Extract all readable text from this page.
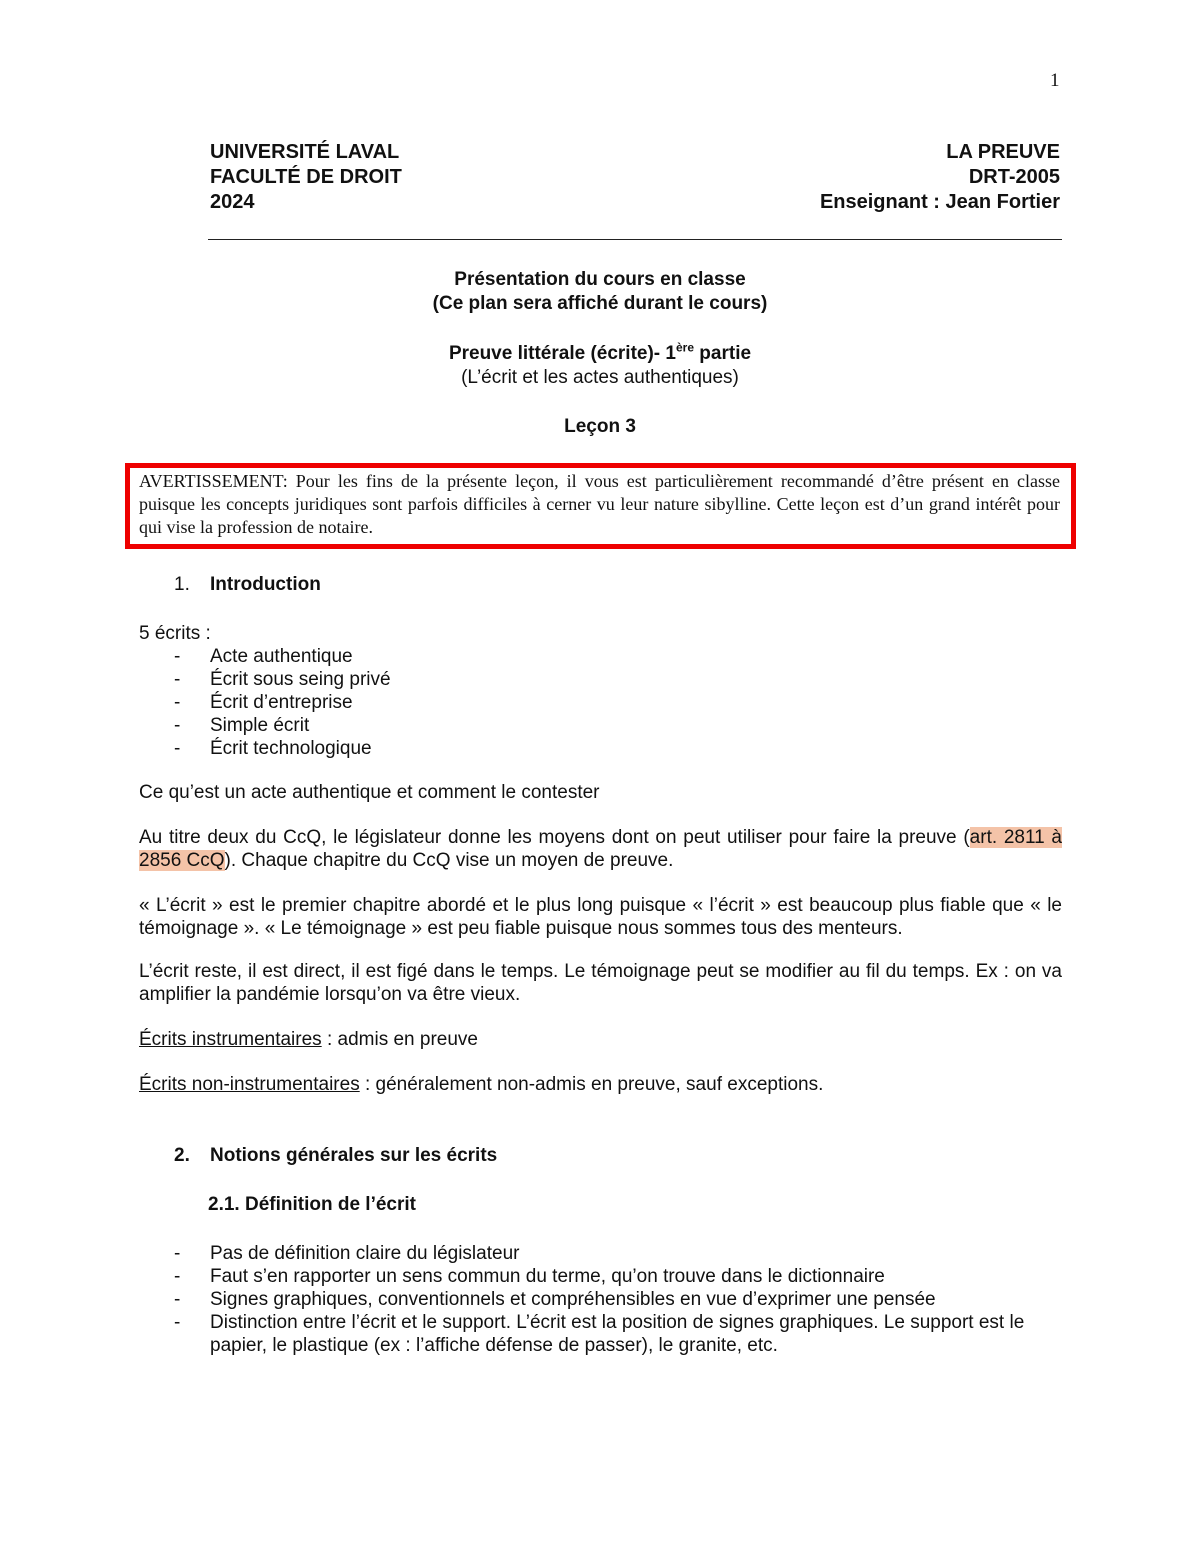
1
UNIVERSITÉ LAVAL
FACULTÉ DE DROIT
2024
LA PREUVE
DRT-2005
Enseignant : Jean Fortier
Présentation du cours en classe
(Ce plan sera affiché durant le cours)
Preuve littérale (écrite)- 1ère partie
(L’écrit et les actes authentiques)
Leçon 3
AVERTISSEMENT: Pour les fins de la présente leçon, il vous est particulièrement recommandé d’être présent en classe puisque les concepts juridiques sont parfois difficiles à cerner vu leur nature sibylline. Cette leçon est d’un grand intérêt pour qui vise la profession de notaire.
1. Introduction
5 écrits :
- Acte authentique
- Écrit sous seing privé
- Écrit d’entreprise
- Simple écrit
- Écrit technologique
Ce qu’est un acte authentique et comment le contester
Au titre deux du CcQ, le législateur donne les moyens dont on peut utiliser pour faire la preuve (art. 2811 à 2856 CcQ). Chaque chapitre du CcQ vise un moyen de preuve.
« L’écrit » est le premier chapitre abordé et le plus long puisque « l’écrit » est beaucoup plus fiable que « le témoignage ». « Le témoignage » est peu fiable puisque nous sommes tous des menteurs.
L’écrit reste, il est direct, il est figé dans le temps. Le témoignage peut se modifier au fil du temps. Ex : on va amplifier la pandémie lorsqu’on va être vieux.
Écrits instrumentaires : admis en preuve
Écrits non-instrumentaires : généralement non-admis en preuve, sauf exceptions.
2. Notions générales sur les écrits
2.1. Définition de l’écrit
- Pas de définition claire du législateur
- Faut s’en rapporter un sens commun du terme, qu’on trouve dans le dictionnaire
- Signes graphiques, conventionnels et compréhensibles en vue d’exprimer une pensée
- Distinction entre l’écrit et le support. L’écrit est la position de signes graphiques. Le support est le papier, le plastique (ex : l’affiche défense de passer), le granite, etc.
